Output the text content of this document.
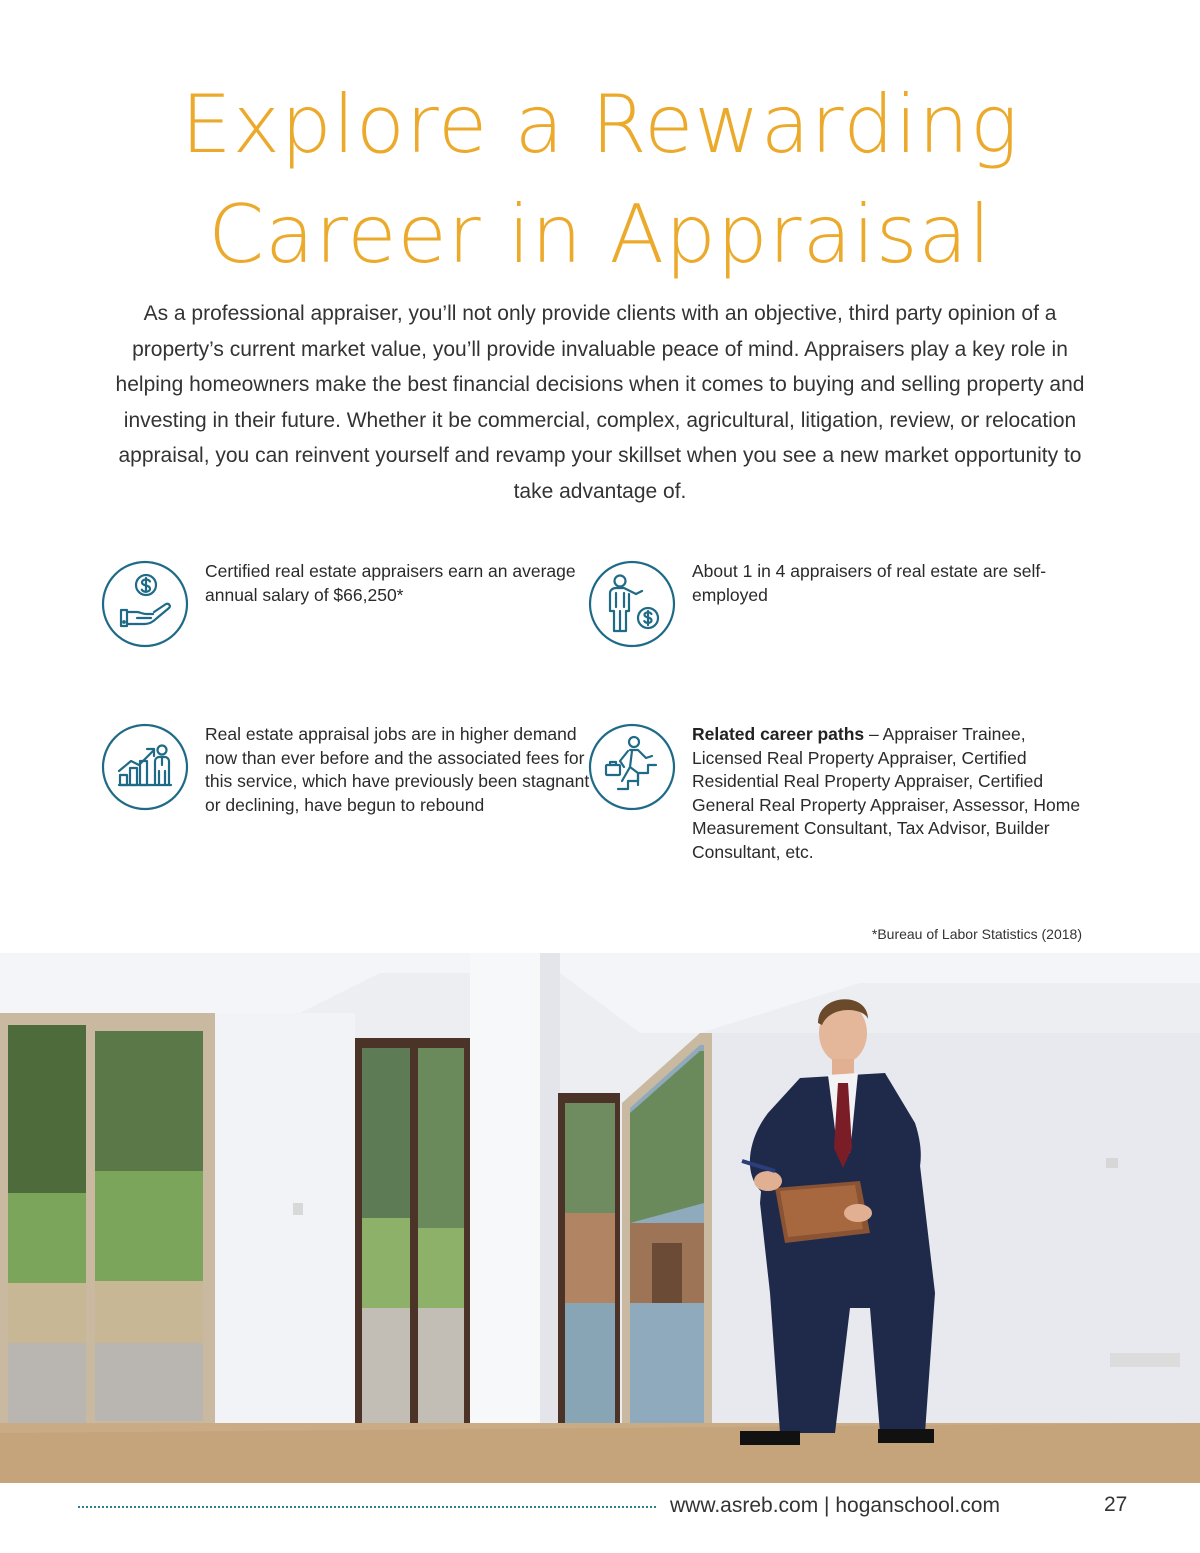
Explore a Rewarding
Career in Appraisal

As a professional appraiser, you’ll not only provide clients with an objective, third party opinion of a property’s current market value, you’ll provide invaluable peace of mind. Appraisers play a key role in helping homeowners make the best financial decisions when it comes to buying and selling property and investing in their future. Whether it be commercial, complex, agricultural, litigation, review, or relocation appraisal, you can reinvent yourself and revamp your skillset when you see a new market opportunity to take advantage of.

Certified real estate appraisers earn an average annual salary of $66,250*
About 1 in 4 appraisers of real estate are self-employed
Real estate appraisal jobs are in higher demand now than ever before and the associated fees for this service, which have previously been stagnant or declining, have begun to rebound
Related career paths – Appraiser Trainee, Licensed Real Property Appraiser, Certified Residential Real Property Appraiser, Certified General Real Property Appraiser, Assessor, Home Measurement Consultant, Tax Advisor, Builder Consultant, etc.
*Bureau of Labor Statistics (2018)
www.asreb.com | hoganschool.com	27
